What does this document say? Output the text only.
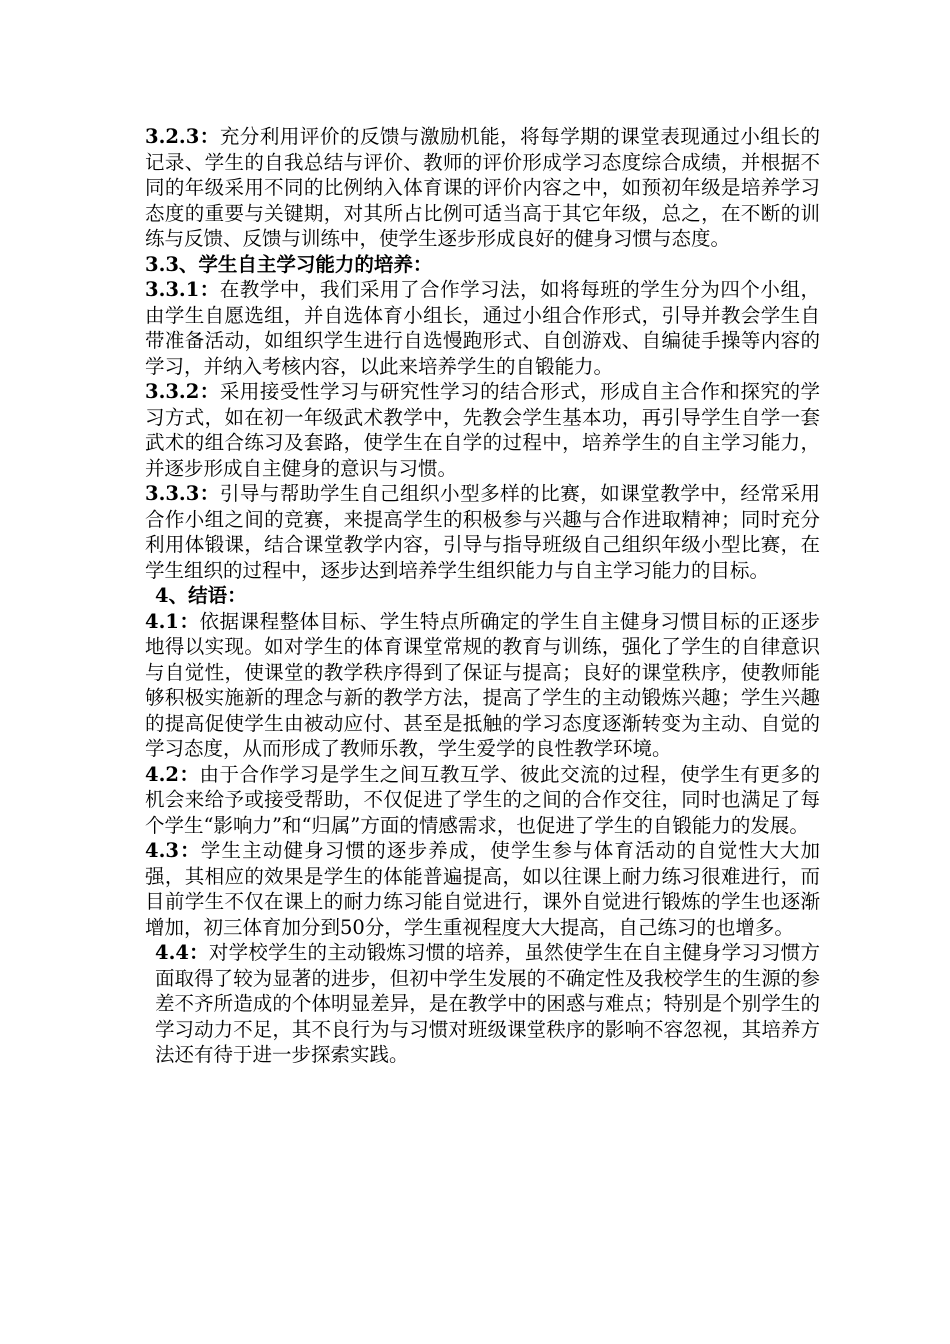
3.2.3：充分利用评价的反馈与激励机能，将每学期的课堂表现通过小组长的记录、学生的自我总结与评价、教师的评价形成学习态度综合成绩，并根据不同的年级采用不同的比例纳入体育课的评价内容之中，如预初年级是培养学习态度的重要与关键期，对其所占比例可适当高于其它年级，总之，在不断的训练与反馈、反馈与训练中，使学生逐步形成良好的健身习惯与态度。

3.3、学生自主学习能力的培养：

3.3.1：在教学中，我们采用了合作学习法，如将每班的学生分为四个小组，由学生自愿选组，并自选体育小组长，通过小组合作形式，引导并教会学生自带准备活动，如组织学生进行自选慢跑形式、自创游戏、自编徒手操等内容的学习，并纳入考核内容，以此来培养学生的自锻能力。

3.3.2：采用接受性学习与研究性学习的结合形式，形成自主合作和探究的学习方式，如在初一年级武术教学中，先教会学生基本功，再引导学生自学一套武术的组合练习及套路，使学生在自学的过程中，培养学生的自主学习能力，并逐步形成自主健身的意识与习惯。

3.3.3：引导与帮助学生自己组织小型多样的比赛，如课堂教学中，经常采用合作小组之间的竞赛，来提高学生的积极参与兴趣与合作进取精神；同时充分利用体锻课，结合课堂教学内容，引导与指导班级自己组织年级小型比赛，在学生组织的过程中，逐步达到培养学生组织能力与自主学习能力的目标。

4、结语：

4.1：依据课程整体目标、学生特点所确定的学生自主健身习惯目标的正逐步地得以实现。如对学生的体育课堂常规的教育与训练，强化了学生的自律意识与自觉性，使课堂的教学秩序得到了保证与提高；良好的课堂秩序，使教师能够积极实施新的理念与新的教学方法，提高了学生的主动锻炼兴趣；学生兴趣的提高促使学生由被动应付、甚至是抵触的学习态度逐渐转变为主动、自觉的学习态度，从而形成了教师乐教，学生爱学的良性教学环境。

4.2：由于合作学习是学生之间互教互学、彼此交流的过程，使学生有更多的机会来给予或接受帮助，不仅促进了学生的之间的合作交往，同时也满足了每个学生“影响力”和“归属”方面的情感需求，也促进了学生的自锻能力的发展。

4.3：学生主动健身习惯的逐步养成，使学生参与体育活动的自觉性大大加强，其相应的效果是学生的体能普遍提高，如以往课上耐力练习很难进行，而目前学生不仅在课上的耐力练习能自觉进行，课外自觉进行锻炼的学生也逐渐增加，初三体育加分到50分，学生重视程度大大提高，自己练习的也增多。

4.4：对学校学生的主动锻炼习惯的培养，虽然使学生在自主健身学习习惯方面取得了较为显著的进步，但初中学生发展的不确定性及我校学生的生源的参差不齐所造成的个体明显差异，是在教学中的困惑与难点；特别是个别学生的学习动力不足，其不良行为与习惯对班级课堂秩序的影响不容忽视，其培养方法还有待于进一步探索实践。
